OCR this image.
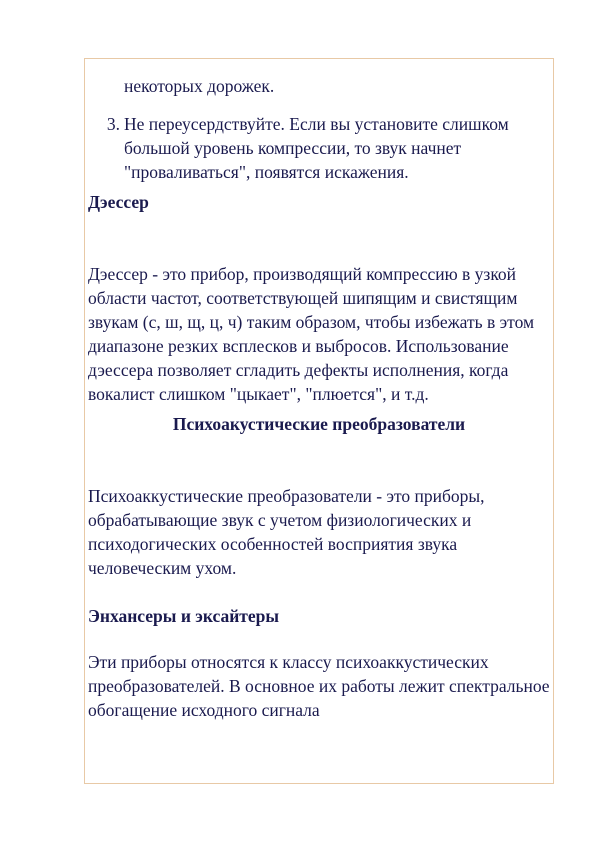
некоторых дорожек.

3. Не переусердствуйте. Если вы установите слишком большой уровень компрессии, то звук начнет "проваливаться", появятся искажения.

Дэессер

Дэессер - это прибор, производящий компрессию в узкой области частот, соответствующей шипящим и свистящим звукам (с, ш, щ, ц, ч) таким образом, чтобы избежать в этом диапазоне резких всплесков и выбросов. Использование дэессера позволяет сгладить дефекты исполнения, когда вокалист слишком "цыкает", "плюется", и т.д.

Психоакустические преобразователи

Психоаккустические преобразователи - это приборы, обрабатывающие звук с учетом физиологических и психодогических особенностей восприятия звука человеческим ухом.

Энхансеры и эксайтеры

Эти приборы относятся к классу психоаккустических преобразователей. В основное их работы лежит спектральное обогащение исходного сигнала
